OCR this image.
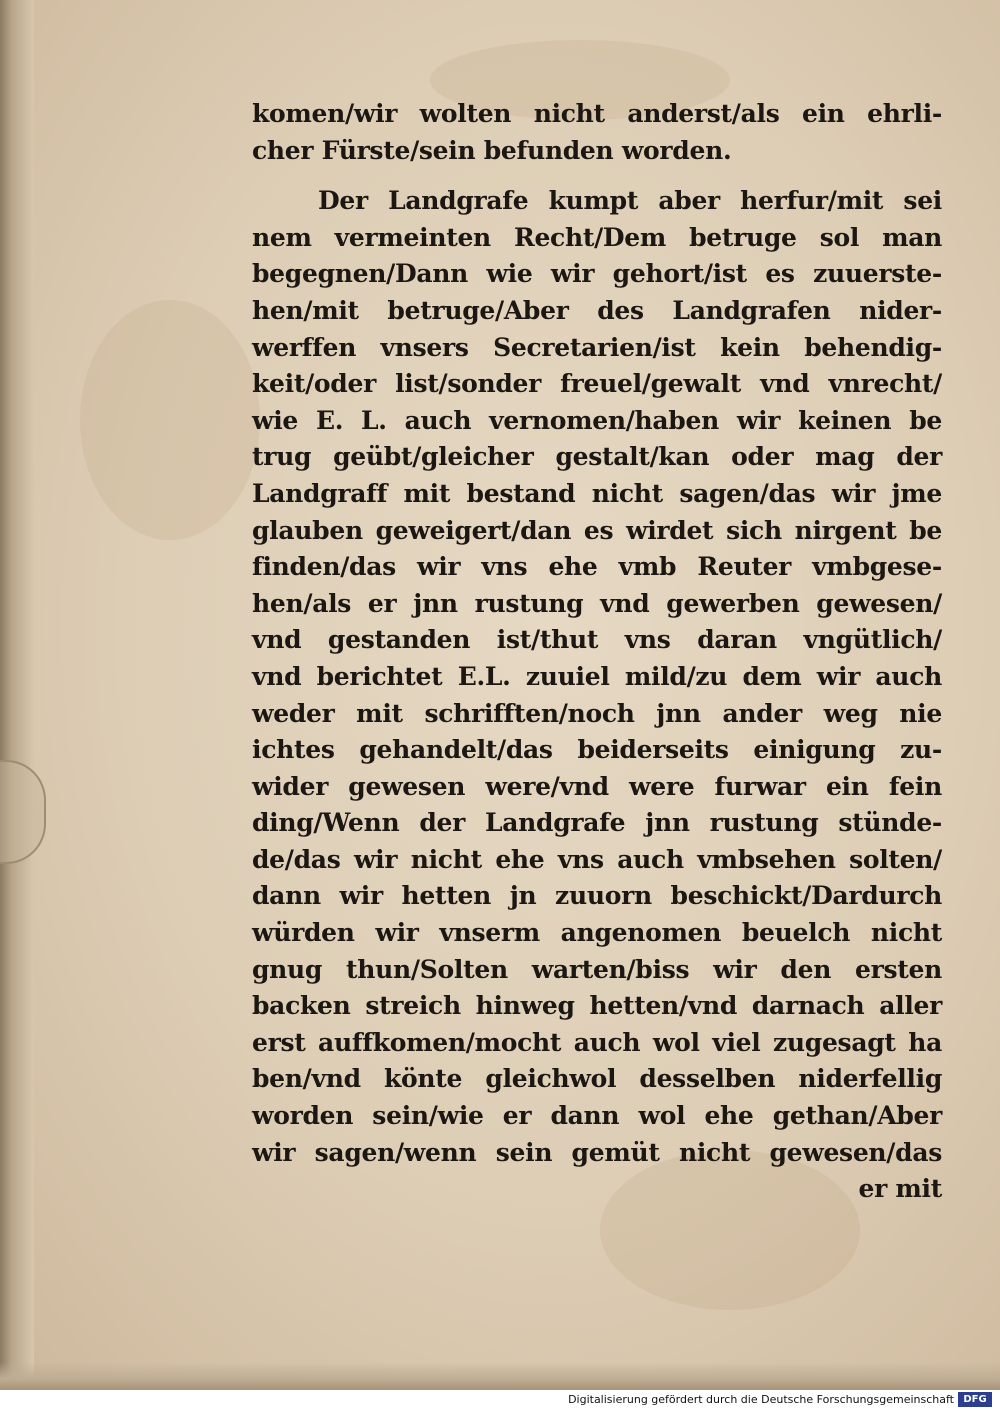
komen/wir wolten nicht anderst/als ein ehrli-
cher Fürste/sein befunden worden.
Der Landgrafe kumpt aber herfur/mit sei
nem vermeinten Recht/Dem betruge sol man
begegnen/Dann wie wir gehort/ist es zuuerste-
hen/mit betruge/Aber des Landgrafen nider-
werffen vnsers Secretarien/ist kein behendig-
keit/oder list/sonder freuel/gewalt vnd vnrecht/
wie E. L. auch vernomen/haben wir keinen be
trug geübt/gleicher gestalt/kan oder mag der
Landgraff mit bestand nicht sagen/das wir jme
glauben geweigert/dan es wirdet sich nirgent be
finden/das wir vns ehe vmb Reuter vmbgese-
hen/als er jnn rustung vnd gewerben gewesen/
vnd gestanden ist/thut vns daran vngütlich/
vnd berichtet E.L. zuuiel mild/zu dem wir auch
weder mit schrifften/noch jnn ander weg nie
ichtes gehandelt/das beiderseits einigung zu-
wider gewesen were/vnd were furwar ein fein
ding/Wenn der Landgrafe jnn rustung stünde-
de/das wir nicht ehe vns auch vmbsehen solten/
dann wir hetten jn zuuorn beschickt/Dardurch
würden wir vnserm angenomen beuelch nicht
gnug thun/Solten warten/biss wir den ersten
backen streich hinweg hetten/vnd darnach aller
erst auffkomen/mocht auch wol viel zugesagt ha
ben/vnd könte gleichwol desselben niderfellig
worden sein/wie er dann wol ehe gethan/Aber
wir sagen/wenn sein gemüt nicht gewesen/das
er mit
Digitalisierung gefördert durch die Deutsche Forschungsgemeinschaft DFG
